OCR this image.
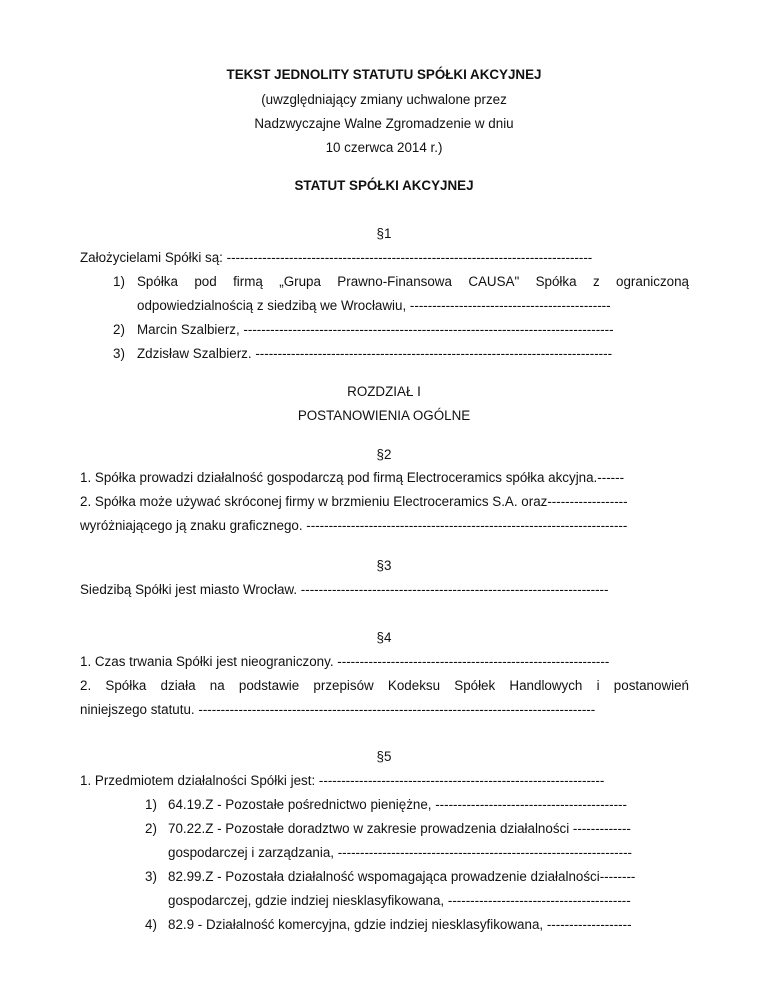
TEKST JEDNOLITY STATUTU SPÓŁKI AKCYJNEJ
(uwzględniający zmiany uchwalone przez
Nadzwyczajne Walne Zgromadzenie w dniu
10 czerwca 2014 r.)
STATUT SPÓŁKI AKCYJNEJ
§1
Założycielami Spółki są: ----------------------------------------------------------------------------------
1) Spółka pod firmą „Grupa Prawno-Finansowa CAUSA" Spółka z ograniczoną
odpowiedzialnością z siedzibą we Wrocławiu, ---------------------------------------------
2) Marcin Szalbierz, -----------------------------------------------------------------------------------
3) Zdzisław Szalbierz. --------------------------------------------------------------------------------
ROZDZIAŁ I
POSTANOWIENIA OGÓLNE
§2
1. Spółka prowadzi działalność gospodarczą pod firmą Electroceramics spółka akcyjna.------
2. Spółka może używać skróconej firmy w brzmieniu Electroceramics S.A. oraz------------------
wyróżniającego ją znaku graficznego. ------------------------------------------------------------------------
§3
Siedzibą Spółki jest miasto Wrocław. ---------------------------------------------------------------------
§4
1. Czas trwania Spółki jest nieograniczony. -------------------------------------------------------------
2. Spółka działa na podstawie przepisów Kodeksu Spółek Handlowych i postanowień
niniejszego statutu. -----------------------------------------------------------------------------------------
§5
1. Przedmiotem działalności Spółki jest: ----------------------------------------------------------------
1) 64.19.Z - Pozostałe pośrednictwo pieniężne, -------------------------------------------
2) 70.22.Z - Pozostałe doradztwo w zakresie prowadzenia działalności -------------
gospodarczej i zarządzania, ------------------------------------------------------------------
3) 82.99.Z - Pozostała działalność wspomagająca prowadzenie działalności--------
gospodarczej, gdzie indziej niesklasyfikowana, -----------------------------------------
4) 82.9 - Działalność komercyjna, gdzie indziej niesklasyfikowana, -------------------
